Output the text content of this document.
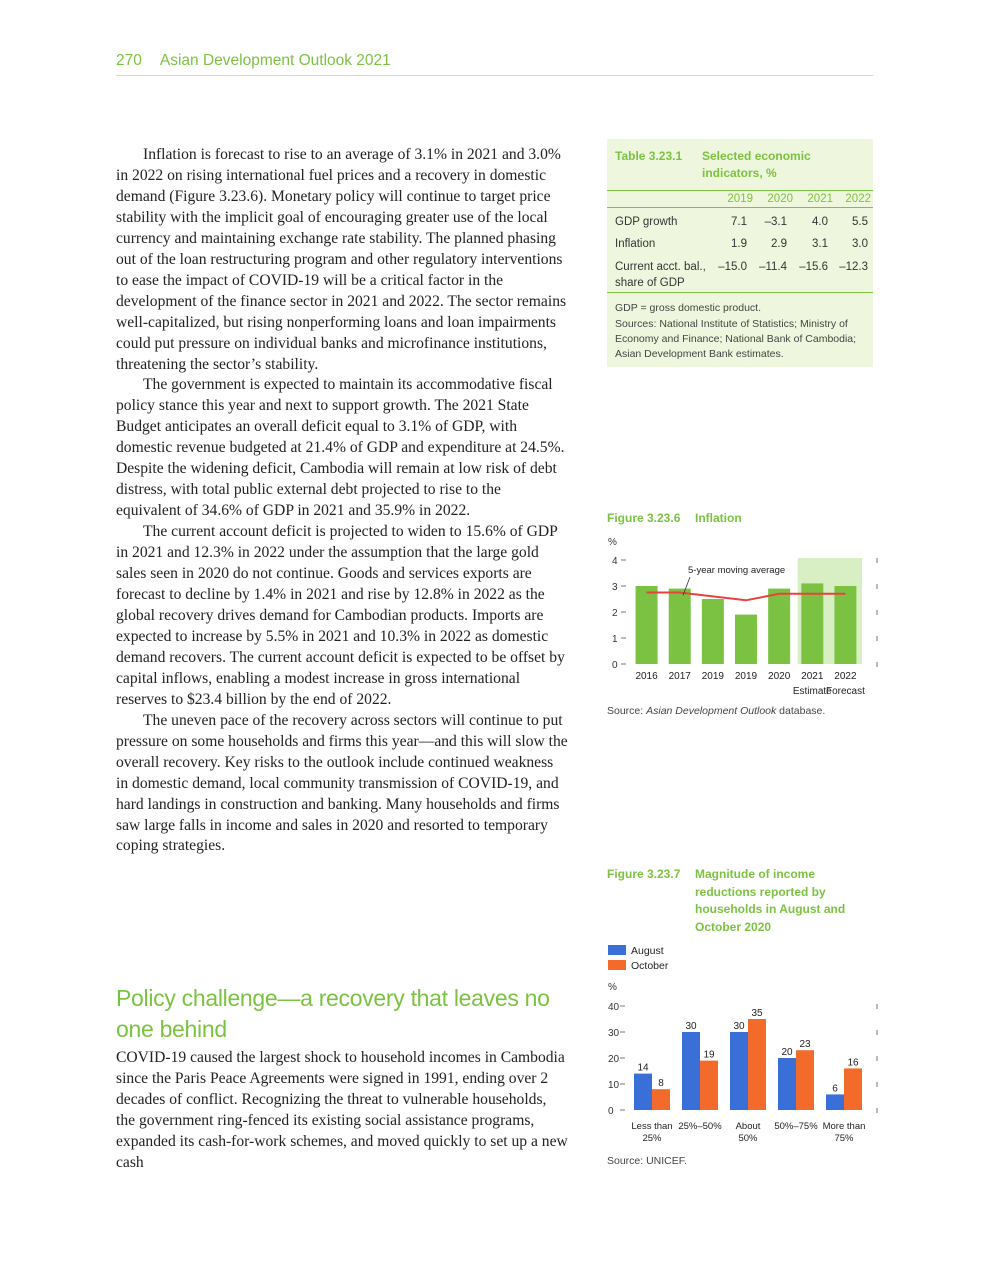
270 Asian Development Outlook 2021

Inflation is forecast to rise to an average of 3.1% in 2021 and 3.0% in 2022 on rising international fuel prices and a recovery in domestic demand (Figure 3.23.6). Monetary policy will continue to target price stability with the implicit goal of encouraging greater use of the local currency and maintaining exchange rate stability. The planned phasing out of the loan restructuring program and other regulatory interventions to ease the impact of COVID-19 will be a critical factor in the development of the finance sector in 2021 and 2022. The sector remains well-capitalized, but rising nonperforming loans and loan impairments could put pressure on individual banks and microfinance institutions, threatening the sector’s stability.

The government is expected to maintain its accommodative fiscal policy stance this year and next to support growth. The 2021 State Budget anticipates an overall deficit equal to 3.1% of GDP, with domestic revenue budgeted at 21.4% of GDP and expenditure at 24.5%. Despite the widening deficit, Cambodia will remain at low risk of debt distress, with total public external debt projected to rise to the equivalent of 34.6% of GDP in 2021 and 35.9% in 2022.

The current account deficit is projected to widen to 15.6% of GDP in 2021 and 12.3% in 2022 under the assumption that the large gold sales seen in 2020 do not continue. Goods and services exports are forecast to decline by 1.4% in 2021 and rise by 12.8% in 2022 as the global recovery drives demand for Cambodian products. Imports are expected to increase by 5.5% in 2021 and 10.3% in 2022 as domestic demand recovers. The current account deficit is expected to be offset by capital inflows, enabling a modest increase in gross international reserves to $23.4 billion by the end of 2022.

The uneven pace of the recovery across sectors will continue to put pressure on some households and firms this year—and this will slow the overall recovery. Key risks to the outlook include continued weakness in domestic demand, local community transmission of COVID-19, and hard landings in construction and banking. Many households and firms saw large falls in income and sales in 2020 and resorted to temporary coping strategies.

Policy challenge—a recovery that leaves no one behind
COVID-19 caused the largest shock to household incomes in Cambodia since the Paris Peace Agreements were signed in 1991, ending over 2 decades of conflict. Recognizing the threat to vulnerable households, the government ring-fenced its existing social assistance programs, expanded its cash-for-work schemes, and moved quickly to set up a new cash
Table 3.23.1 Selected economic indicators, %
2019	2020	2021	2022
GDP growth	7.1	–3.1	4.0	5.5
Inflation	1.9	2.9	3.1	3.0
Current acct. bal., share of GDP
–15.0	–11.4	–15.6 –12.3
GDP = gross domestic product.
Sources: National Institute of Statistics; Ministry of Economy and Finance; National Bank of Cambodia; Asian Development Bank estimates.
Figure 3.23.6 Inflation
%
0
1
2
3
4
2016 2017 2019 2019 2020 2021
Estimate
2022
Forecast
5-year moving average
Source: Asian Development Outlook database.
Figure 3.23.7 Magnitude of income reductions reported by households in August and October 2020
August
October
%
0
10
20
30
40
14
8
Less than
25%
30
19
25%–50%
30
35
About
50%
20
23
50%–75%
6
16
More than
75%
Source: UNICEF.
